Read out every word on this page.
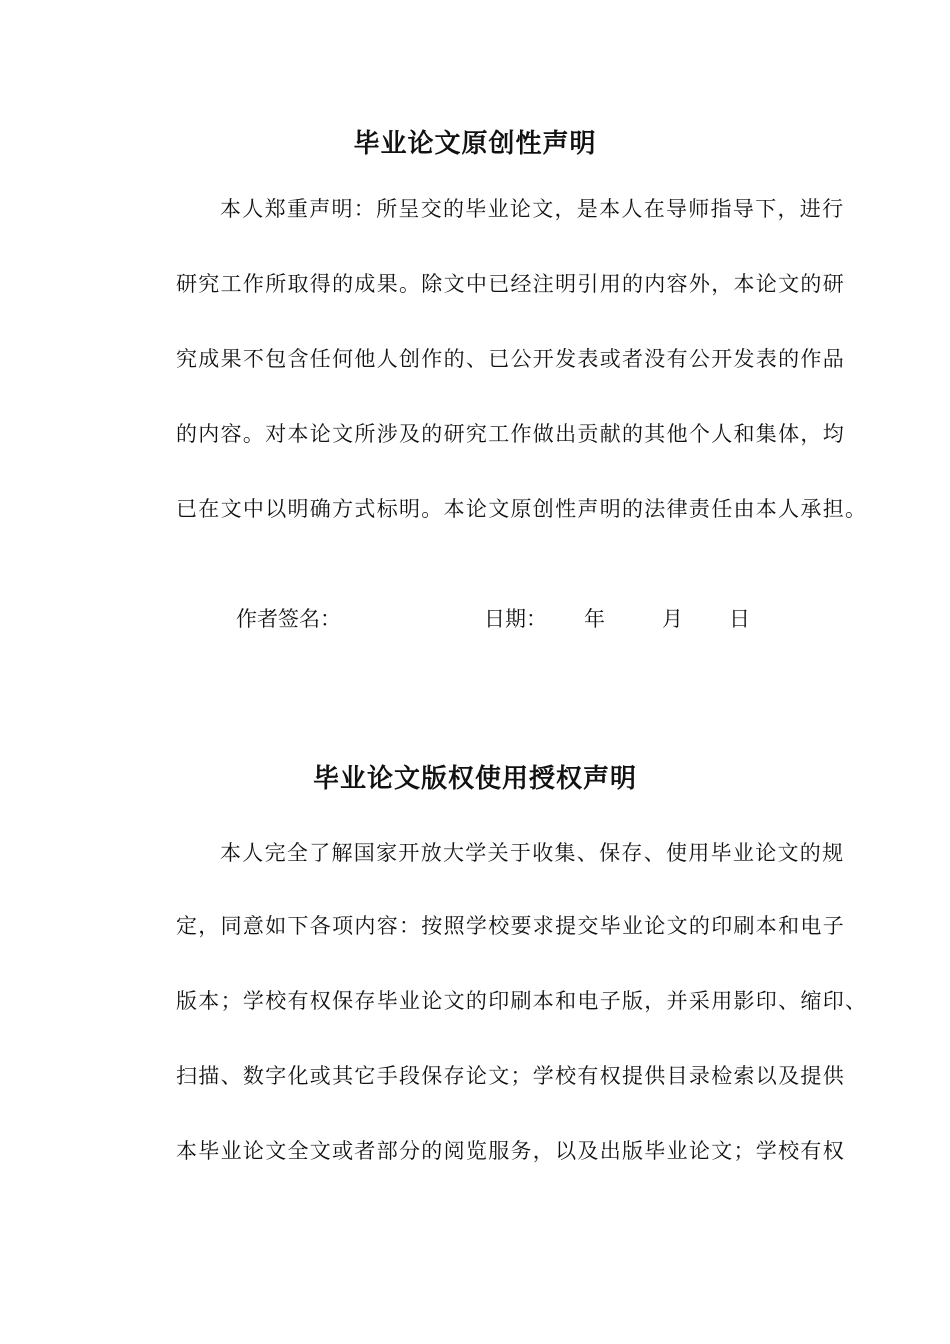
毕业论文原创性声明
本人郑重声明：所呈交的毕业论文，是本人在导师指导下，进行
研究工作所取得的成果。除文中已经注明引用的内容外，本论文的研
究成果不包含任何他人创作的、已公开发表或者没有公开发表的作品
的内容。对本论文所涉及的研究工作做出贡献的其他个人和集体，均
已在文中以明确方式标明。本论文原创性声明的法律责任由本人承担。
作者签名：	日期： 年	月 日
毕业论文版权使用授权声明
本人完全了解国家开放大学关于收集、保存、使用毕业论文的规
定，同意如下各项内容：按照学校要求提交毕业论文的印刷本和电子
版本；学校有权保存毕业论文的印刷本和电子版，并采用影印、缩印、
扫描、数字化或其它手段保存论文；学校有权提供目录检索以及提供
本毕业论文全文或者部分的阅览服务，以及出版毕业论文；学校有权
